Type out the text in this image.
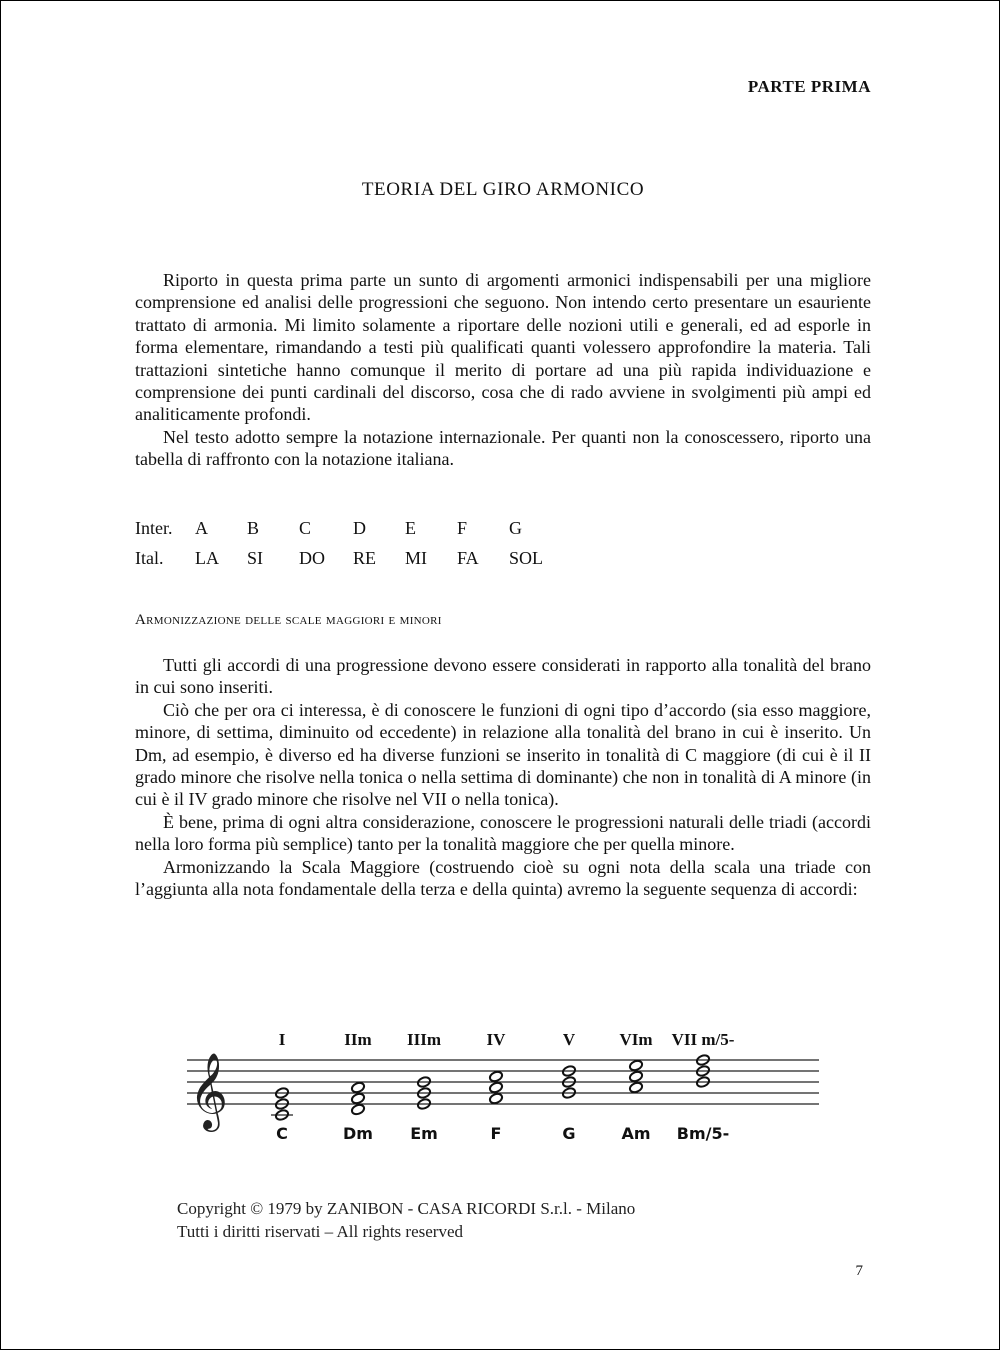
PARTE PRIMA
TEORIA DEL GIRO ARMONICO

Riporto in questa prima parte un sunto di argomenti armonici indispensabili per una migliore comprensione ed analisi delle progressioni che seguono. Non intendo certo presentare un esauriente trattato di armonia. Mi limito solamente a riportare delle nozioni utili e generali, ed ad esporle in forma elementare, rimandando a testi più qualificati quanti volessero approfondire la materia. Tali trattazioni sintetiche hanno comunque il merito di portare ad una più rapida individuazione e comprensione dei punti cardinali del discorso, cosa che di rado avviene in svolgimenti più ampi ed analiticamente profondi.

Nel testo adotto sempre la notazione internazionale. Per quanti non la conoscessero, riporto una tabella di raffronto con la notazione italiana.

Inter.	A	B	C	D	E	F	G
Ital.	LA	SI	DO	RE	MI	FA	SOL
Armonizzazione delle scale maggiori e minori

Tutti gli accordi di una progressione devono essere considerati in rapporto alla tonalità del brano in cui sono inseriti.

Ciò che per ora ci interessa, è di conoscere le funzioni di ogni tipo d’accordo (sia esso maggiore, minore, di settima, diminuito od eccedente) in relazione alla tonalità del brano in cui è inserito. Un Dm, ad esempio, è diverso ed ha diverse funzioni se inserito in tonalità di C maggiore (di cui è il II grado minore che risolve nella tonica o nella settima di dominante) che non in tonalità di A minore (in cui è il IV grado minore che risolve nel VII o nella tonica).

È bene, prima di ogni altra considerazione, conoscere le progressioni naturali delle triadi (accordi nella loro forma più semplice) tanto per la tonalità maggiore che per quella minore.

Armonizzando la Scala Maggiore (costruendo cioè su ogni nota della scala una triade con l’aggiunta alla nota fondamentale della terza e della quinta) avremo la seguente sequenza di accordi:

𝄞
I
C
IIm
Dm
IIIm
Em
IV
F
V
G
VIm
Am
VII m/5-
Bm/5-
Copyright © 1979 by ZANIBON - CASA RICORDI S.r.l. - Milano
Tutti i diritti riservati – All rights reserved
7
